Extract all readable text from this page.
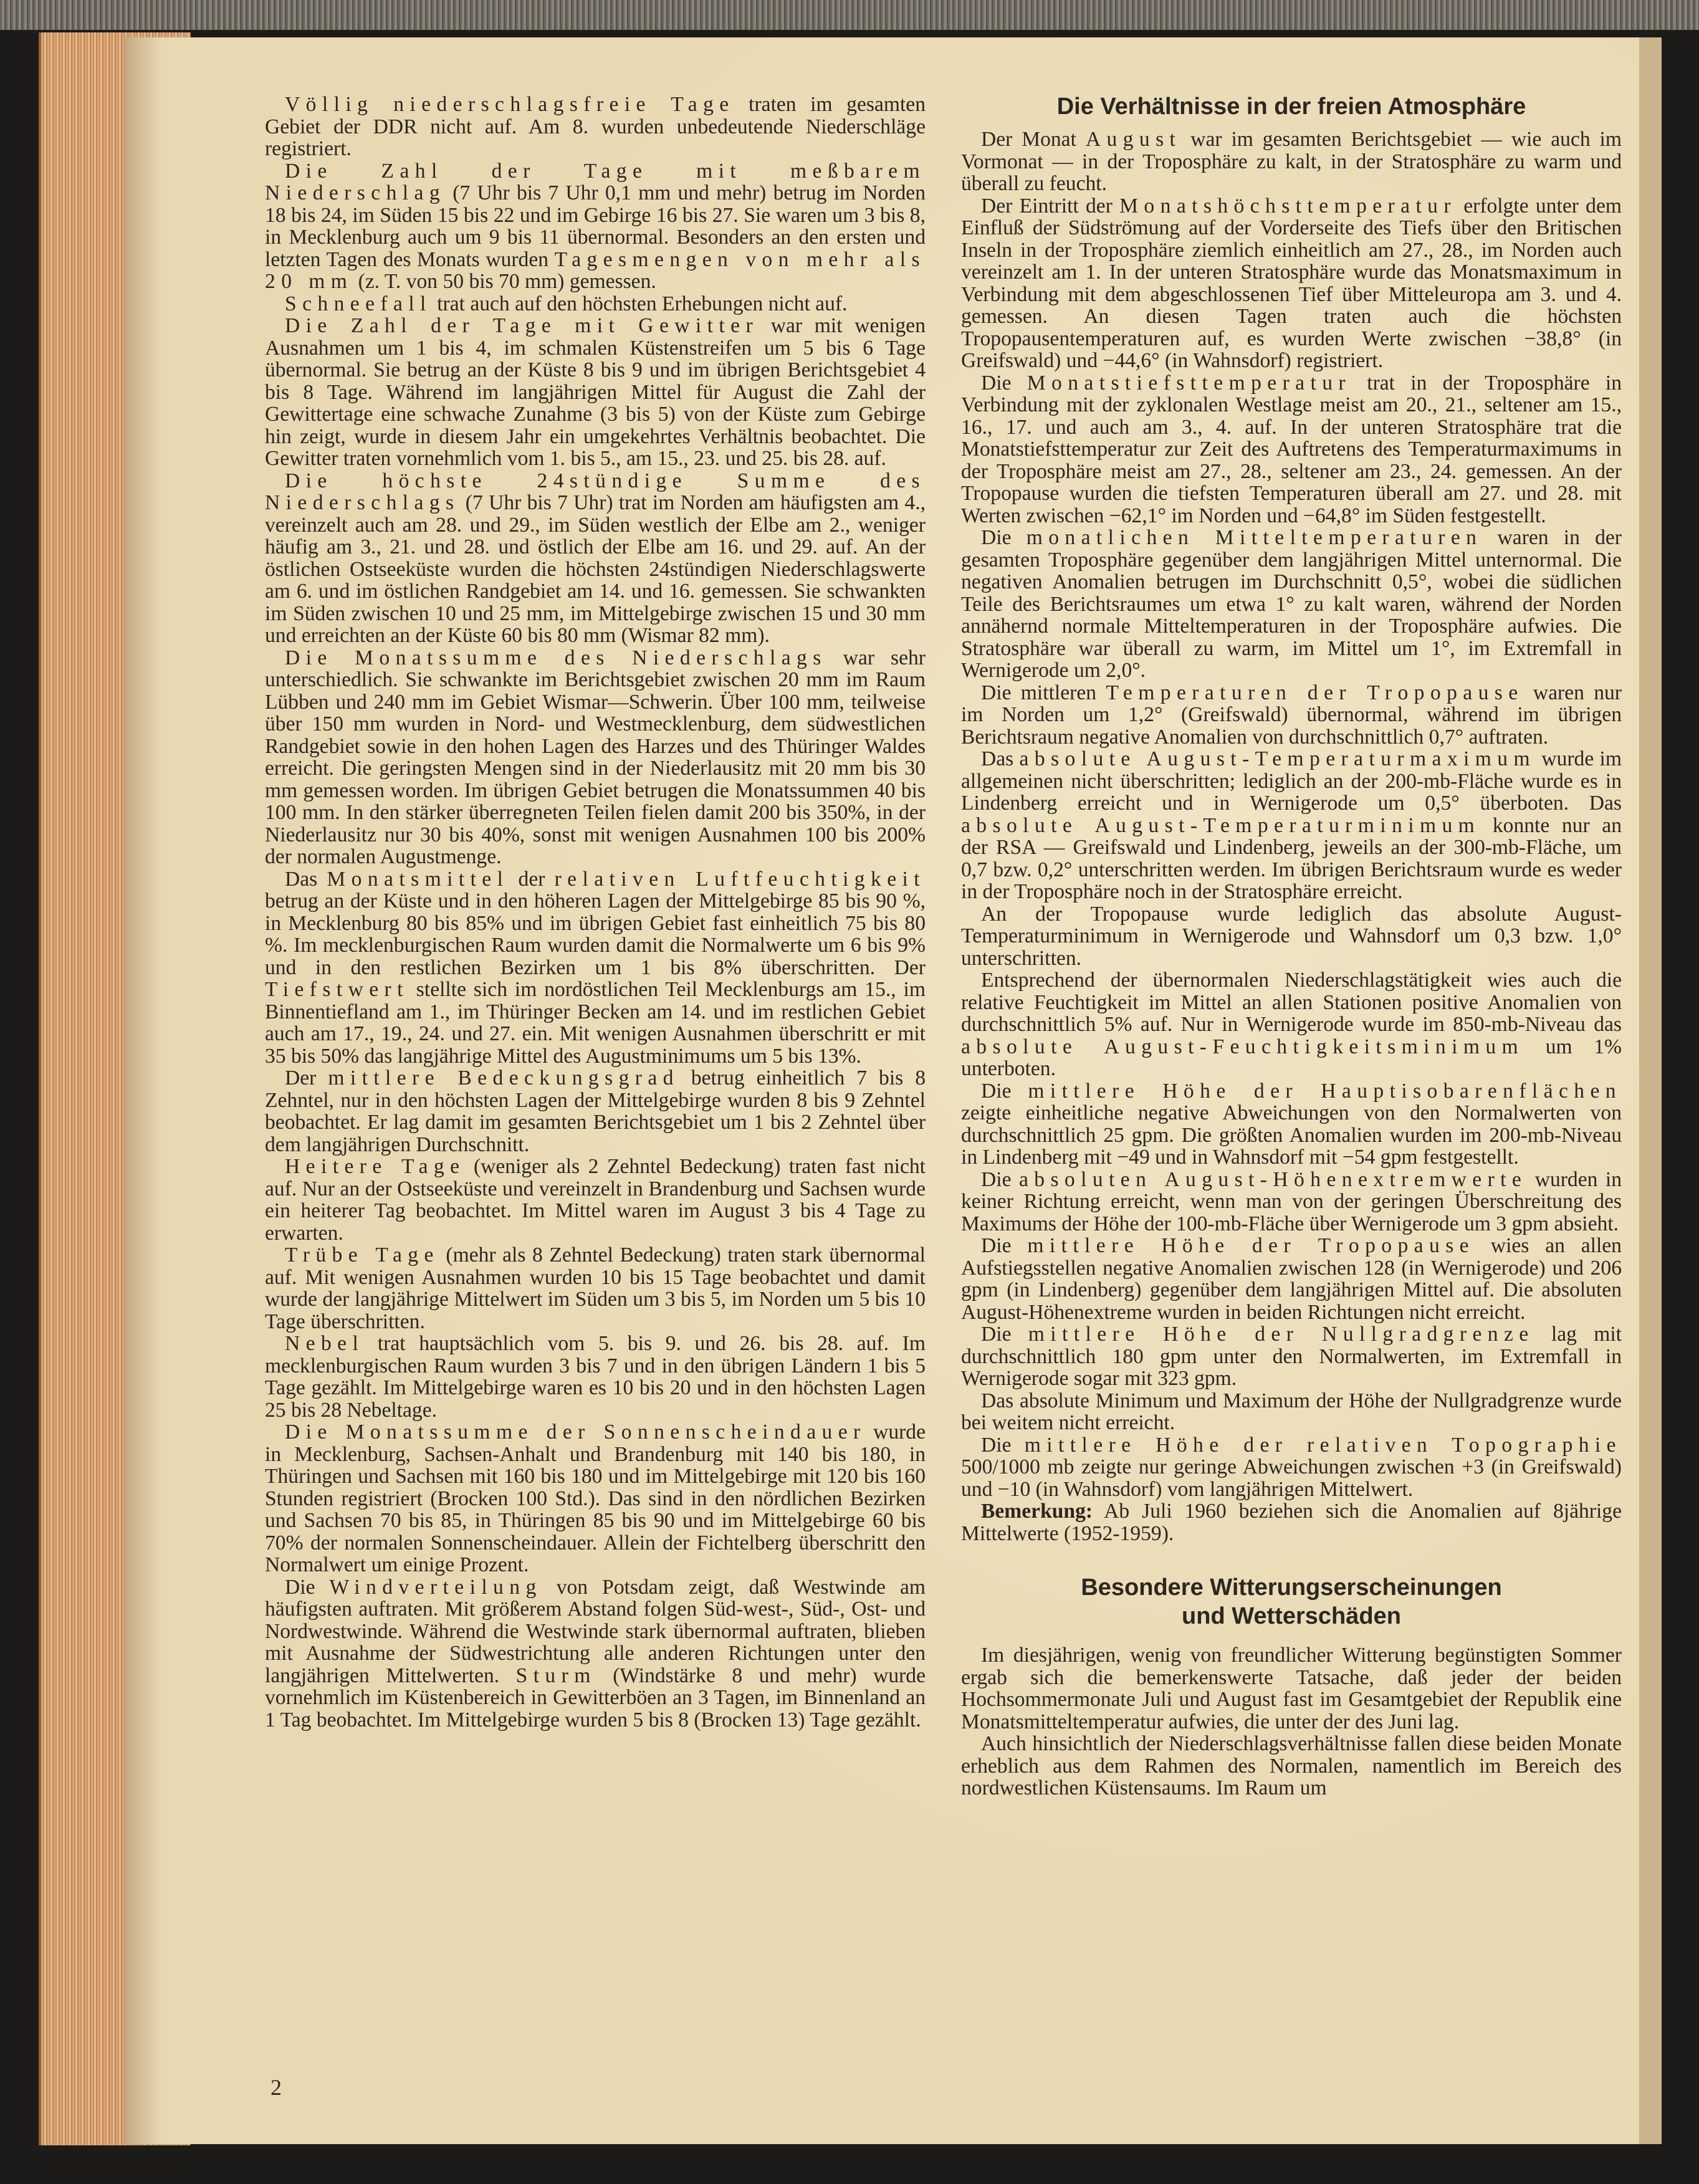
Völlig niederschlagsfreie Tage traten im gesamten Gebiet der DDR nicht auf. Am 8. wurden unbedeutende Niederschläge registriert.

Die Zahl der Tage mit meßbarem Niederschlag (7 Uhr bis 7 Uhr 0,1 mm und mehr) betrug im Norden 18 bis 24, im Süden 15 bis 22 und im Gebirge 16 bis 27. Sie waren um 3 bis 8, in Mecklenburg auch um 9 bis 11 übernormal. Besonders an den ersten und letzten Tagen des Monats wurden Tagesmengen von mehr als 20 mm (z. T. von 50 bis 70 mm) gemessen.

Schneefall trat auch auf den höchsten Erhebungen nicht auf.

Die Zahl der Tage mit Gewitter war mit wenigen Ausnahmen um 1 bis 4, im schmalen Küstenstreifen um 5 bis 6 Tage übernormal. Sie betrug an der Küste 8 bis 9 und im übrigen Berichtsgebiet 4 bis 8 Tage. Während im langjährigen Mittel für August die Zahl der Gewittertage eine schwache Zunahme (3 bis 5) von der Küste zum Gebirge hin zeigt, wurde in diesem Jahr ein umgekehrtes Verhältnis beobachtet. Die Gewitter traten vornehmlich vom 1. bis 5., am 15., 23. und 25. bis 28. auf.

Die höchste 24stündige Summe des Niederschlags (7 Uhr bis 7 Uhr) trat im Norden am häufigsten am 4., vereinzelt auch am 28. und 29., im Süden westlich der Elbe am 2., weniger häufig am 3., 21. und 28. und östlich der Elbe am 16. und 29. auf. An der östlichen Ostseeküste wurden die höchsten 24stündigen Niederschlagswerte am 6. und im östlichen Randgebiet am 14. und 16. gemessen. Sie schwankten im Süden zwischen 10 und 25 mm, im Mittelgebirge zwischen 15 und 30 mm und erreichten an der Küste 60 bis 80 mm (Wismar 82 mm).

Die Monatssumme des Niederschlags war sehr unterschiedlich. Sie schwankte im Berichtsgebiet zwischen 20 mm im Raum Lübben und 240 mm im Gebiet Wismar—Schwerin. Über 100 mm, teilweise über 150 mm wurden in Nord- und Westmecklenburg, dem südwestlichen Randgebiet sowie in den hohen Lagen des Harzes und des Thüringer Waldes erreicht. Die geringsten Mengen sind in der Niederlausitz mit 20 mm bis 30 mm gemessen worden. Im übrigen Gebiet betrugen die Monatssummen 40 bis 100 mm. In den stärker überregneten Teilen fielen damit 200 bis 350%, in der Niederlausitz nur 30 bis 40%, sonst mit wenigen Ausnahmen 100 bis 200% der normalen Augustmenge.

Das Monatsmittel der relativen Luftfeuchtigkeit betrug an der Küste und in den höheren Lagen der Mittelgebirge 85 bis 90 %, in Mecklenburg 80 bis 85% und im übrigen Gebiet fast einheitlich 75 bis 80 %. Im mecklenburgischen Raum wurden damit die Normalwerte um 6 bis 9% und in den restlichen Bezirken um 1 bis 8% überschritten. Der Tiefstwert stellte sich im nordöstlichen Teil Mecklenburgs am 15., im Binnentiefland am 1., im Thüringer Becken am 14. und im restlichen Gebiet auch am 17., 19., 24. und 27. ein. Mit wenigen Ausnahmen überschritt er mit 35 bis 50% das langjährige Mittel des Augustminimums um 5 bis 13%.

Der mittlere Bedeckungsgrad betrug einheitlich 7 bis 8 Zehntel, nur in den höchsten Lagen der Mittelgebirge wurden 8 bis 9 Zehntel beobachtet. Er lag damit im gesamten Berichtsgebiet um 1 bis 2 Zehntel über dem langjährigen Durchschnitt.

Heitere Tage (weniger als 2 Zehntel Bedeckung) traten fast nicht auf. Nur an der Ostseeküste und vereinzelt in Brandenburg und Sachsen wurde ein heiterer Tag beobachtet. Im Mittel waren im August 3 bis 4 Tage zu erwarten.

Trübe Tage (mehr als 8 Zehntel Bedeckung) traten stark übernormal auf. Mit wenigen Ausnahmen wurden 10 bis 15 Tage beobachtet und damit wurde der langjährige Mittelwert im Süden um 3 bis 5, im Norden um 5 bis 10 Tage überschritten.

Nebel trat hauptsächlich vom 5. bis 9. und 26. bis 28. auf. Im mecklenburgischen Raum wurden 3 bis 7 und in den übrigen Ländern 1 bis 5 Tage gezählt. Im Mittelgebirge waren es 10 bis 20 und in den höchsten Lagen 25 bis 28 Nebeltage.

Die Monatssumme der Sonnenscheindauer wurde in Mecklenburg, Sachsen-Anhalt und Brandenburg mit 140 bis 180, in Thüringen und Sachsen mit 160 bis 180 und im Mittelgebirge mit 120 bis 160 Stunden registriert (Brocken 100 Std.). Das sind in den nördlichen Bezirken und Sachsen 70 bis 85, in Thüringen 85 bis 90 und im Mittelgebirge 60 bis 70% der normalen Sonnenscheindauer. Allein der Fichtelberg überschritt den Normalwert um einige Prozent.

Die Windverteilung von Potsdam zeigt, daß Westwinde am häufigsten auftraten. Mit größerem Abstand folgen Süd-west-, Süd-, Ost- und Nordwestwinde. Während die Westwinde stark übernormal auftraten, blieben mit Ausnahme der Südwestrichtung alle anderen Richtungen unter den langjährigen Mittelwerten. Sturm (Windstärke 8 und mehr) wurde vornehmlich im Küstenbereich in Gewitterböen an 3 Tagen, im Binnenland an 1 Tag beobachtet. Im Mittelgebirge wurden 5 bis 8 (Brocken 13) Tage gezählt.

Die Verhältnisse in der freien Atmosphäre

Der Monat August war im gesamten Berichtsgebiet — wie auch im Vormonat — in der Troposphäre zu kalt, in der Stratosphäre zu warm und überall zu feucht.

Der Eintritt der Monatshöchsttemperatur erfolgte unter dem Einfluß der Südströmung auf der Vorderseite des Tiefs über den Britischen Inseln in der Troposphäre ziemlich einheitlich am 27., 28., im Norden auch vereinzelt am 1. In der unteren Stratosphäre wurde das Monatsmaximum in Verbindung mit dem abgeschlossenen Tief über Mitteleuropa am 3. und 4. gemessen. An diesen Tagen traten auch die höchsten Tropopausentemperaturen auf, es wurden Werte zwischen −38,8° (in Greifswald) und −44,6° (in Wahnsdorf) registriert.

Die Monatstiefsttemperatur trat in der Troposphäre in Verbindung mit der zyklonalen Westlage meist am 20., 21., seltener am 15., 16., 17. und auch am 3., 4. auf. In der unteren Stratosphäre trat die Monatstiefsttemperatur zur Zeit des Auftretens des Temperaturmaximums in der Troposphäre meist am 27., 28., seltener am 23., 24. gemessen. An der Tropopause wurden die tiefsten Temperaturen überall am 27. und 28. mit Werten zwischen −62,1° im Norden und −64,8° im Süden festgestellt.

Die monatlichen Mitteltemperaturen waren in der gesamten Troposphäre gegenüber dem langjährigen Mittel unternormal. Die negativen Anomalien betrugen im Durchschnitt 0,5°, wobei die südlichen Teile des Berichtsraumes um etwa 1° zu kalt waren, während der Norden annähernd normale Mitteltemperaturen in der Troposphäre aufwies. Die Stratosphäre war überall zu warm, im Mittel um 1°, im Extremfall in Wernigerode um 2,0°.

Die mittleren Temperaturen der Tropopause waren nur im Norden um 1,2° (Greifswald) übernormal, während im übrigen Berichtsraum negative Anomalien von durchschnittlich 0,7° auftraten.

Das absolute August-Temperaturmaximum wurde im allgemeinen nicht überschritten; lediglich an der 200-mb-Fläche wurde es in Lindenberg erreicht und in Wernigerode um 0,5° überboten. Das absolute August-Temperaturminimum konnte nur an der RSA — Greifswald und Lindenberg, jeweils an der 300-mb-Fläche, um 0,7 bzw. 0,2° unterschritten werden. Im übrigen Berichtsraum wurde es weder in der Troposphäre noch in der Stratosphäre erreicht.

An der Tropopause wurde lediglich das absolute August-Temperaturminimum in Wernigerode und Wahnsdorf um 0,3 bzw. 1,0° unterschritten.

Entsprechend der übernormalen Niederschlagstätigkeit wies auch die relative Feuchtigkeit im Mittel an allen Stationen positive Anomalien von durchschnittlich 5% auf. Nur in Wernigerode wurde im 850-mb-Niveau das absolute August-Feuchtigkeitsminimum um 1% unterboten.

Die mittlere Höhe der Hauptisobarenflächen zeigte einheitliche negative Abweichungen von den Normalwerten von durchschnittlich 25 gpm. Die größten Anomalien wurden im 200-mb-Niveau in Lindenberg mit −49 und in Wahnsdorf mit −54 gpm festgestellt.

Die absoluten August-Höhenextremwerte wurden in keiner Richtung erreicht, wenn man von der geringen Überschreitung des Maximums der Höhe der 100-mb-Fläche über Wernigerode um 3 gpm absieht.

Die mittlere Höhe der Tropopause wies an allen Aufstiegsstellen negative Anomalien zwischen 128 (in Wernigerode) und 206 gpm (in Lindenberg) gegenüber dem langjährigen Mittel auf. Die absoluten August-Höhenextreme wurden in beiden Richtungen nicht erreicht.

Die mittlere Höhe der Nullgradgrenze lag mit durchschnittlich 180 gpm unter den Normalwerten, im Extremfall in Wernigerode sogar mit 323 gpm.

Das absolute Minimum und Maximum der Höhe der Nullgradgrenze wurde bei weitem nicht erreicht.

Die mittlere Höhe der relativen Topographie 500/1000 mb zeigte nur geringe Abweichungen zwischen +3 (in Greifswald) und −10 (in Wahnsdorf) vom langjährigen Mittelwert.

Bemerkung: Ab Juli 1960 beziehen sich die Anomalien auf 8jährige Mittelwerte (1952-1959).

Besondere Witterungserscheinungen
und Wetterschäden

Im diesjährigen, wenig von freundlicher Witterung begünstigten Sommer ergab sich die bemerkenswerte Tatsache, daß jeder der beiden Hochsommermonate Juli und August fast im Gesamtgebiet der Republik eine Monatsmitteltemperatur aufwies, die unter der des Juni lag.

Auch hinsichtlich der Niederschlagsverhältnisse fallen diese beiden Monate erheblich aus dem Rahmen des Normalen, namentlich im Bereich des nordwestlichen Küstensaums. Im Raum um

2
